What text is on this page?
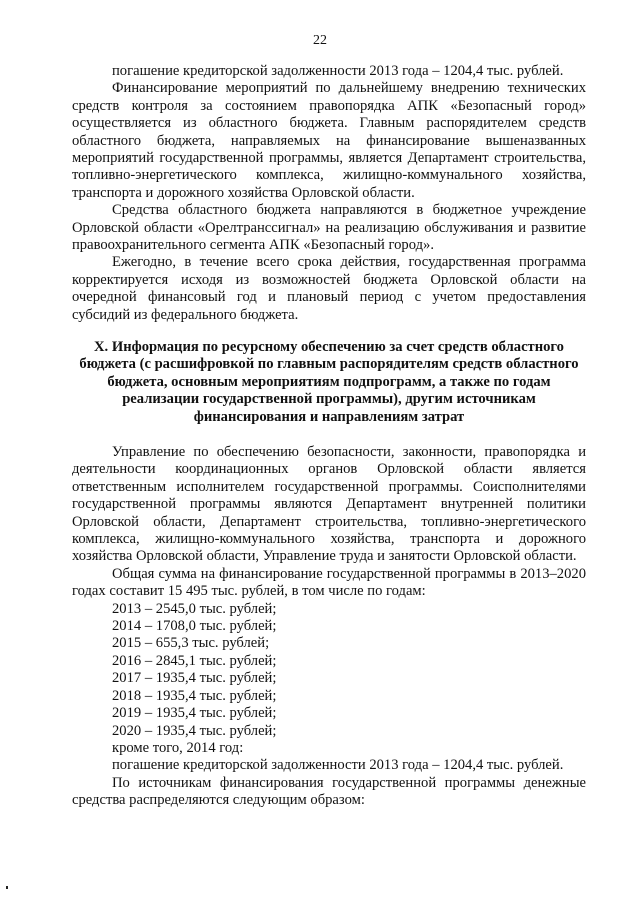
22

погашение кредиторской задолженности 2013 года – 1204,4 тыс. рублей.

Финансирование мероприятий по дальнейшему внедрению технических средств контроля за состоянием правопорядка АПК «Безопасный город» осуществляется из областного бюджета. Главным распорядителем средств областного бюджета, направляемых на финансирование вышеназванных мероприятий государственной программы, является Департамент строительства, топливно-энергетического комплекса, жилищно-коммунального хозяйства, транспорта и дорожного хозяйства Орловской области.

Средства областного бюджета направляются в бюджетное учреждение Орловской области «Орелтранссигнал» на реализацию обслуживания и развитие правоохранительного сегмента АПК «Безопасный город».

Ежегодно, в течение всего срока действия, государственная программа корректируется исходя из возможностей бюджета Орловской области на очередной финансовый год и плановый период с учетом предоставления субсидий из федерального бюджета.

X. Информация по ресурсному обеспечению за счет средств областного бюджета (с расшифровкой по главным распорядителям средств областного бюджета, основным мероприятиям подпрограмм, а также по годам реализации государственной программы), другим источникам финансирования и направлениям затрат

Управление по обеспечению безопасности, законности, правопорядка и деятельности координационных органов Орловской области является ответственным исполнителем государственной программы. Соисполнителями государственной программы являются Департамент внутренней политики Орловской области, Департамент строительства, топливно-энергетического комплекса, жилищно-коммунального хозяйства, транспорта и дорожного хозяйства Орловской области, Управление труда и занятости Орловской области.

Общая сумма на финансирование государственной программы в 2013–2020 годах составит 15 495 тыс. рублей, в том числе по годам:

2013 – 2545,0 тыс. рублей;
2014 – 1708,0 тыс. рублей;
2015 – 655,3 тыс. рублей;
2016 – 2845,1 тыс. рублей;
2017 – 1935,4 тыс. рублей;
2018 – 1935,4 тыс. рублей;
2019 – 1935,4 тыс. рублей;
2020 – 1935,4 тыс. рублей;

кроме того, 2014 год:

погашение кредиторской задолженности 2013 года – 1204,4 тыс. рублей.

По источникам финансирования государственной программы денежные средства распределяются следующим образом:
